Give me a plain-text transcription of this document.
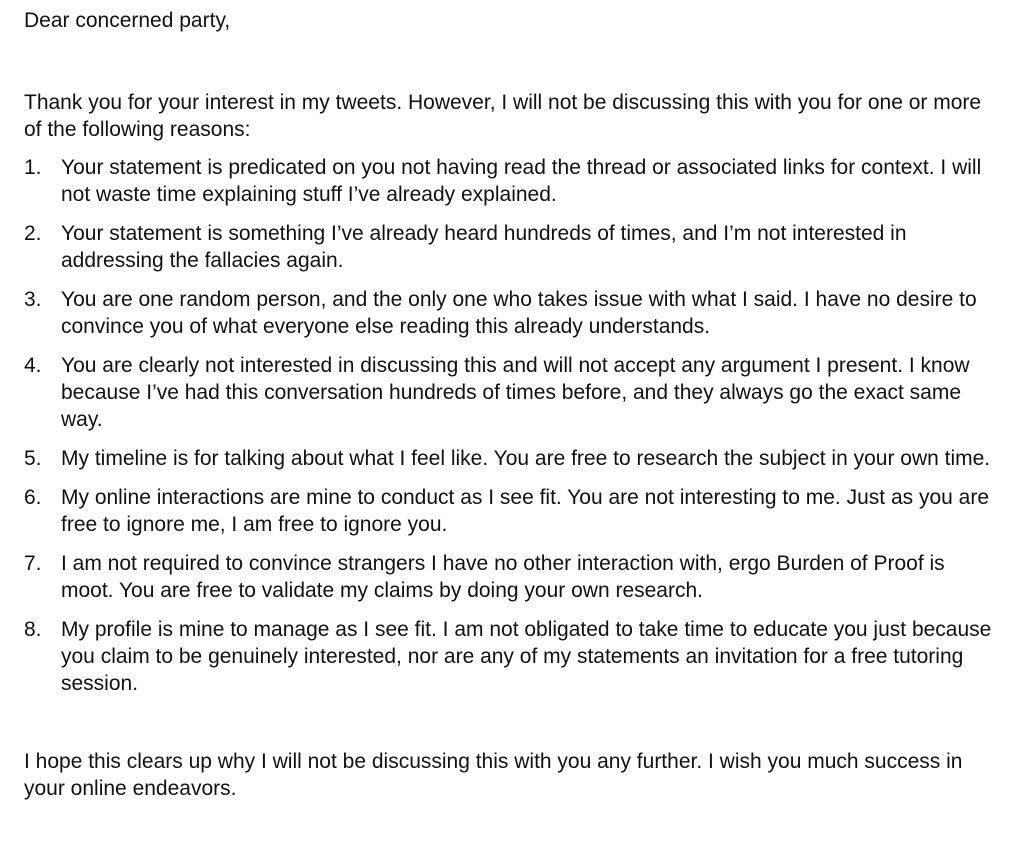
Dear concerned party,

Thank you for your interest in my tweets. However, I will not be discussing this with you for one or more of the following reasons:

1. Your statement is predicated on you not having read the thread or associated links for context. I will not waste time explaining stuff I’ve already explained.
2. Your statement is something I’ve already heard hundreds of times, and I’m not interested in addressing the fallacies again.
3. You are one random person, and the only one who takes issue with what I said. I have no desire to convince you of what everyone else reading this already understands.
4. You are clearly not interested in discussing this and will not accept any argument I present. I know because I’ve had this conversation hundreds of times before, and they always go the exact same way.
5. My timeline is for talking about what I feel like. You are free to research the subject in your own time.
6. My online interactions are mine to conduct as I see fit. You are not interesting to me. Just as you are free to ignore me, I am free to ignore you.
7. I am not required to convince strangers I have no other interaction with, ergo Burden of Proof is moot. You are free to validate my claims by doing your own research.
8. My profile is mine to manage as I see fit. I am not obligated to take time to educate you just because you claim to be genuinely interested, nor are any of my statements an invitation for a free tutoring session.

I hope this clears up why I will not be discussing this with you any further. I wish you much success in your online endeavors.
